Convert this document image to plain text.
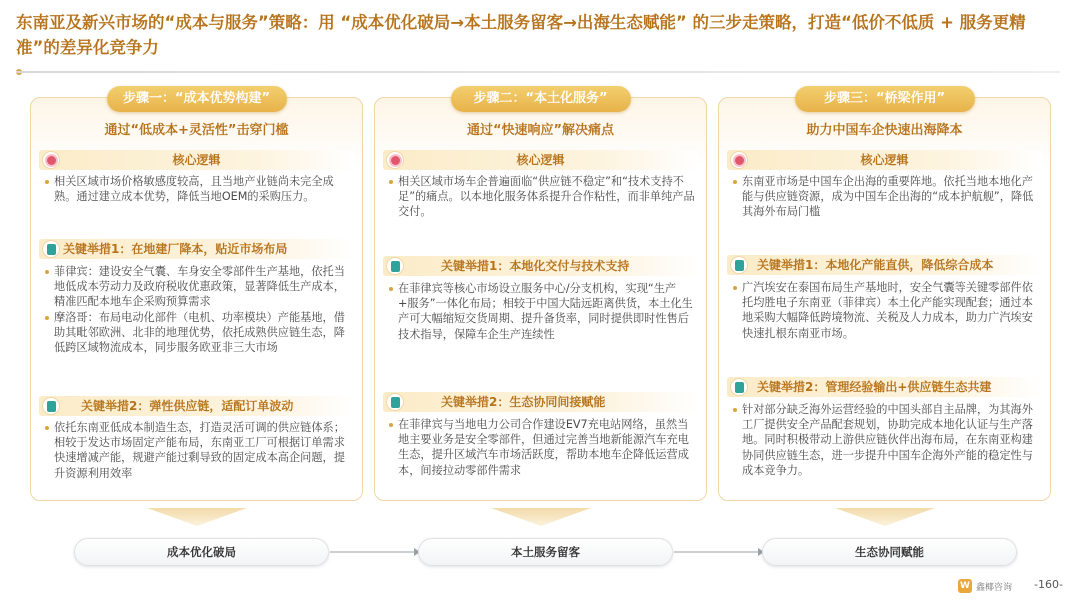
东南亚及新兴市场的“成本与服务”策略：用 “成本优化破局→本土服务留客→出海生态赋能” 的三步走策略，打造“低价不低质 + 服务更精准”的差异化竞争力
步骤一：“成本优势构建”
通过“低成本+灵活性”击穿门槛
核心逻辑

相关区域市场价格敏感度较高，且当地产业链尚未完全成熟。通过建立成本优势，降低当地OEM的采购压力。

关键举措1：在地建厂降本，贴近市场布局

菲律宾：建设安全气囊、车身安全零部件生产基地，依托当地低成本劳动力及政府税收优惠政策，显著降低生产成本，精准匹配本地车企采购预算需求

摩洛哥：布局电动化部件（电机、功率模块）产能基地，借助其毗邻欧洲、北非的地理优势，依托成熟供应链生态，降低跨区域物流成本，同步服务欧亚非三大市场

关键举措2：弹性供应链，适配订单波动

依托东南亚低成本制造生态，打造灵活可调的供应链体系；相较于发达市场固定产能布局，东南亚工厂可根据订单需求快速增减产能，规避产能过剩导致的固定成本高企问题，提升资源利用效率

步骤二：“本土化服务”
通过“快速响应”解决痛点
核心逻辑

相关区域市场车企普遍面临“供应链不稳定”和“技术支持不足”的痛点。以本地化服务体系提升合作粘性，而非单纯产品交付。

关键举措1：本地化交付与技术支持

在菲律宾等核心市场设立服务中心/分支机构，实现“生产+服务”一体化布局；相较于中国大陆远距离供货，本土化生产可大幅缩短交货周期、提升备货率，同时提供即时性售后技术指导，保障车企生产连续性

关键举措2：生态协同间接赋能

在菲律宾与当地电力公司合作建设EV7充电站网络，虽然当地主要业务是安全零部件，但通过完善当地新能源汽车充电生态，提升区域汽车市场活跃度，帮助本地车企降低运营成本，间接拉动零部件需求

步骤三：“桥梁作用”
助力中国车企快速出海降本
核心逻辑

东南亚市场是中国车企出海的重要阵地。依托当地本地化产能与供应链资源，成为中国车企出海的“成本护航舰”，降低其海外布局门槛

关键举措1：本地化产能直供，降低综合成本

广汽埃安在泰国布局生产基地时，安全气囊等关键零部件依托均胜电子东南亚（菲律宾）本土化产能实现配套；通过本地采购大幅降低跨境物流、关税及人力成本，助力广汽埃安快速扎根东南亚市场。

关键举措2：管理经验输出+供应链生态共建

针对部分缺乏海外运营经验的中国头部自主品牌，为其海外工厂提供安全产品配套规划，协助完成本地化认证与生产落地。同时积极带动上游供应链伙伴出海布局，在东南亚构建协同供应链生态，进一步提升中国车企海外产能的稳定性与成本竞争力。

成本优化破局	本土服务留客	生态协同赋能
W 鑫椰咨询 -160-
